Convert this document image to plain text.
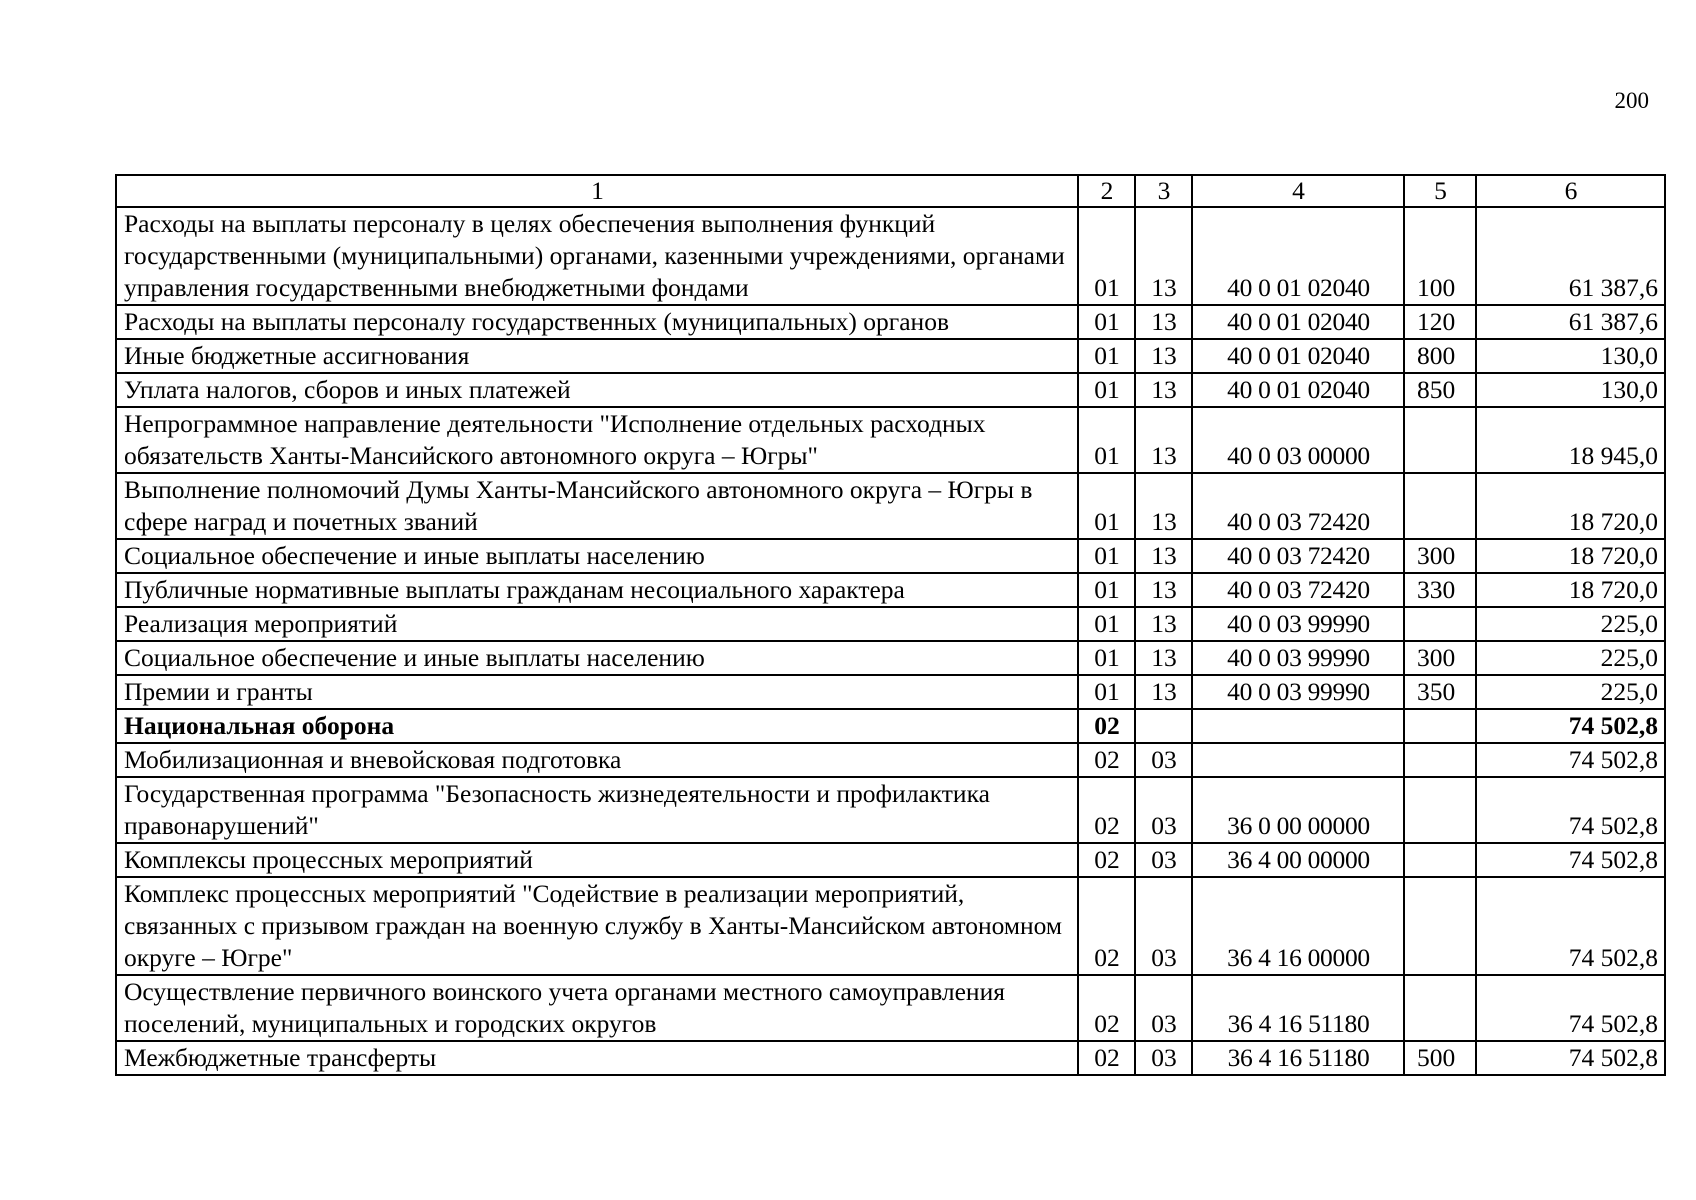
200
1	2	3	4	5	6
Расходы на выплаты персоналу в целях обеспечения выполнения функций государственными (муниципальными) органами, казенными учреждениями, органами управления государственными внебюджетными фондами	01	13	40 0 01 02040	100	61 387,6
Расходы на выплаты персоналу государственных (муниципальных) органов	01	13	40 0 01 02040	120	61 387,6
Иные бюджетные ассигнования	01	13	40 0 01 02040	800	130,0
Уплата налогов, сборов и иных платежей	01	13	40 0 01 02040	850	130,0
Непрограммное направление деятельности "Исполнение отдельных расходных обязательств Ханты-Мансийского автономного округа – Югры"	01	13	40 0 03 00000		18 945,0
Выполнение полномочий Думы Ханты-Мансийского автономного округа – Югры в сфере наград и почетных званий	01	13	40 0 03 72420		18 720,0
Социальное обеспечение и иные выплаты населению	01	13	40 0 03 72420	300	18 720,0
Публичные нормативные выплаты гражданам несоциального характера	01	13	40 0 03 72420	330	18 720,0
Реализация мероприятий	01	13	40 0 03 99990		225,0
Социальное обеспечение и иные выплаты населению	01	13	40 0 03 99990	300	225,0
Премии и гранты	01	13	40 0 03 99990	350	225,0
Национальная оборона	02				74 502,8
Мобилизационная и вневойсковая подготовка	02	03			74 502,8
Государственная программа "Безопасность жизнедеятельности и профилактика правонарушений"	02	03	36 0 00 00000		74 502,8
Комплексы процессных мероприятий	02	03	36 4 00 00000		74 502,8
Комплекс процессных мероприятий "Содействие в реализации мероприятий, связанных с призывом граждан на военную службу в Ханты-Мансийском автономном округе – Югре"	02	03	36 4 16 00000		74 502,8
Осуществление первичного воинского учета органами местного самоуправления поселений, муниципальных и городских округов	02	03	36 4 16 51180		74 502,8
Межбюджетные трансферты	02	03	36 4 16 51180	500	74 502,8
